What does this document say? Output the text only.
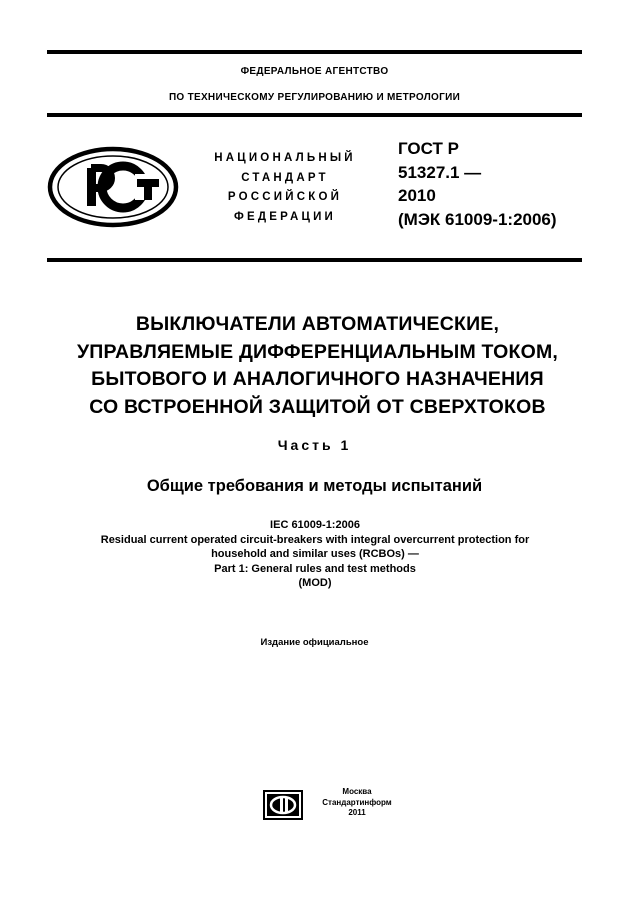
ФЕДЕРАЛЬНОЕ АГЕНТСТВО
ПО ТЕХНИЧЕСКОМУ РЕГУЛИРОВАНИЮ И МЕТРОЛОГИИ
НАЦИОНАЛЬНЫЙ
СТАНДАРТ
РОССИЙСКОЙ
ФЕДЕРАЦИИ
ГОСТ Р
51327.1 —
2010
(МЭК 61009-1:2006)
ВЫКЛЮЧАТЕЛИ АВТОМАТИЧЕСКИЕ,
УПРАВЛЯЕМЫЕ ДИФФЕРЕНЦИАЛЬНЫМ ТОКОМ,
БЫТОВОГО И АНАЛОГИЧНОГО НАЗНАЧЕНИЯ
СО ВСТРОЕННОЙ ЗАЩИТОЙ ОТ СВЕРХТОКОВ
Часть 1
Общие требования и методы испытаний
IEC 61009-1:2006
Residual current operated circuit-breakers with integral overcurrent protection for
household and similar uses (RCBOs) —
Part 1: General rules and test methods
(MOD)
Издание официальное
Москва
Стандартинформ
2011
